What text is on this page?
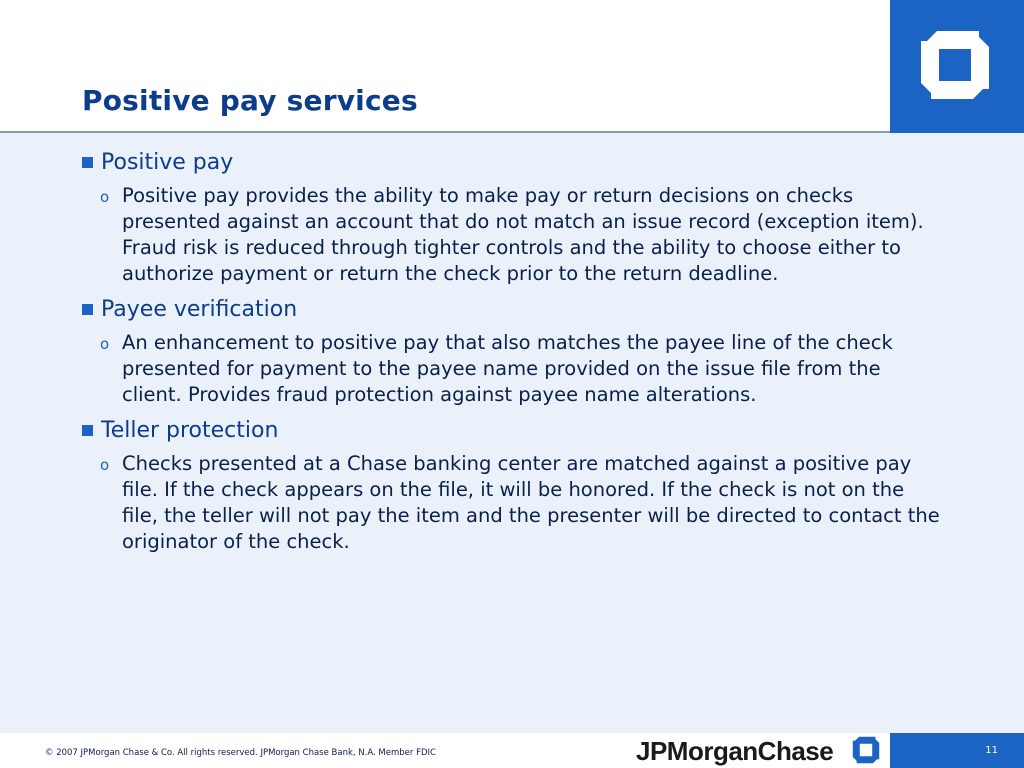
Positive pay services
Positive pay
o Positive pay provides the ability to make pay or return decisions on checks presented against an account that do not match an issue record (exception item). Fraud risk is reduced through tighter controls and the ability to choose either to authorize payment or return the check prior to the return deadline.
Payee verification
o An enhancement to positive pay that also matches the payee line of the check presented for payment to the payee name provided on the issue file from the client. Provides fraud protection against payee name alterations.
Teller protection
o Checks presented at a Chase banking center are matched against a positive pay file. If the check appears on the file, it will be honored. If the check is not on the file, the teller will not pay the item and the presenter will be directed to contact the originator of the check.
© 2007 JPMorgan Chase & Co. All rights reserved. JPMorgan Chase Bank, N.A. Member FDIC	JPMorganChase	11
